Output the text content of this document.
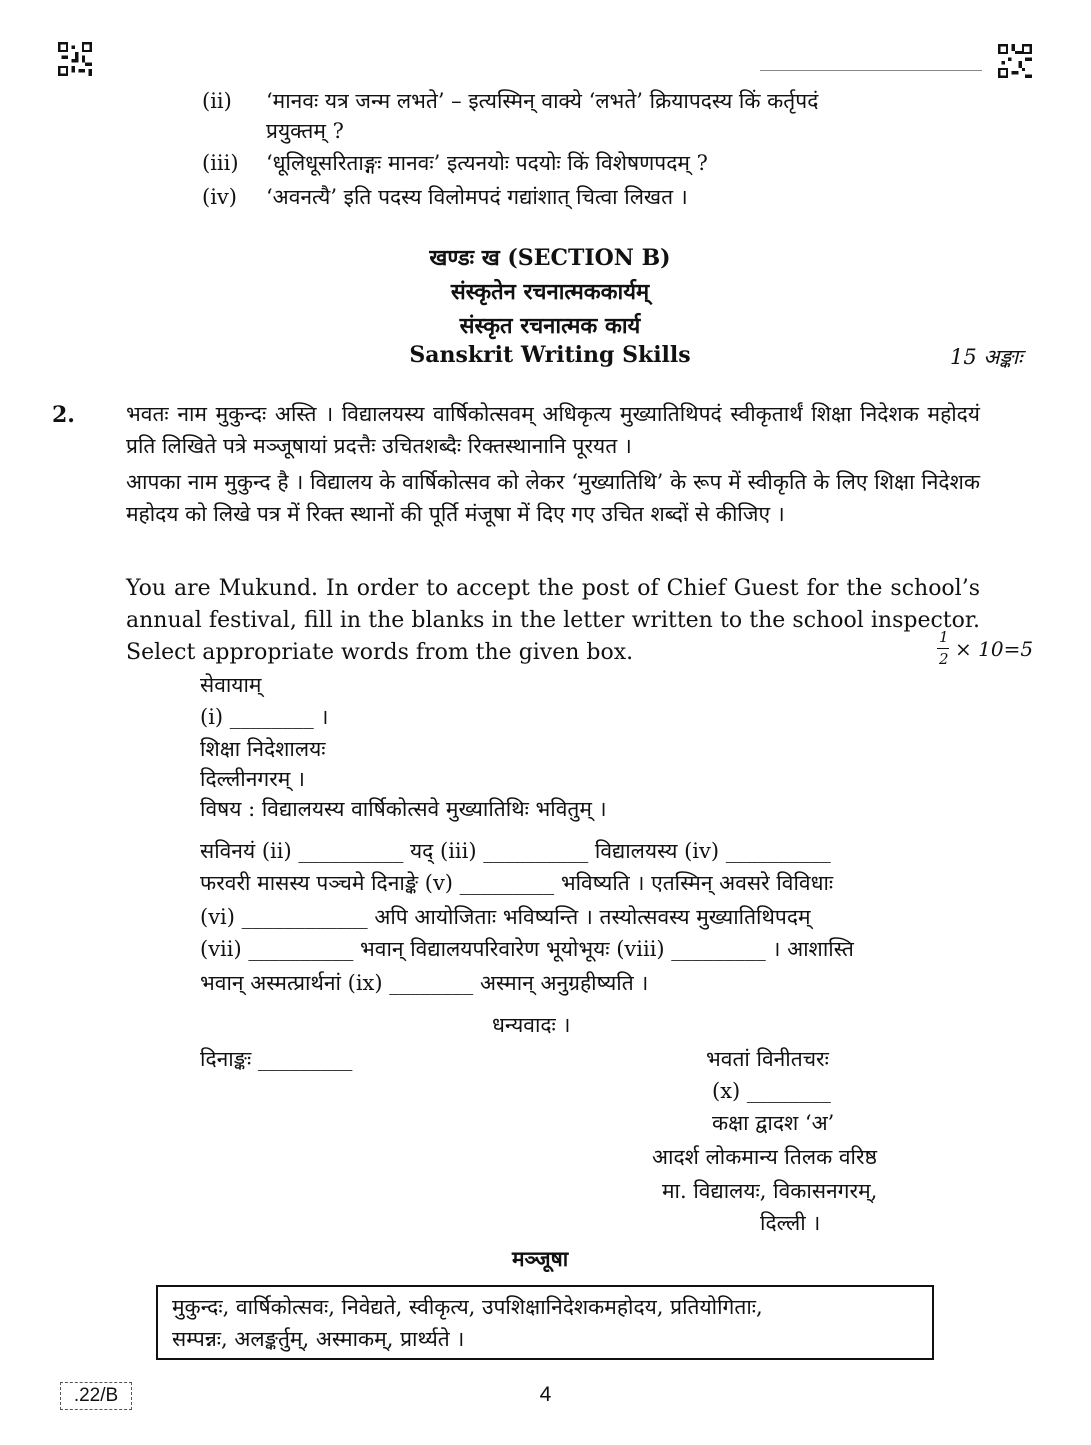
(ii) ‘मानवः यत्र जन्म लभते’ – इत्यस्मिन् वाक्ये ‘लभते’ क्रियापदस्य किं कर्तृपदं
प्रयुक्तम् ?
(iii) ‘धूलिधूसरिताङ्गः मानवः’ इत्यनयोः पदयोः किं विशेषणपदम् ?
(iv) ‘अवनत्यै’ इति पदस्य विलोमपदं गद्यांशात् चित्वा लिखत ।
खण्डः ख (SECTION B)
संस्कृतेन रचनात्मककार्यम्
संस्कृत रचनात्मक कार्य
Sanskrit Writing Skills	15 अङ्काः
2. भवतः नाम मुकुन्दः अस्ति । विद्यालयस्य वार्षिकोत्सवम् अधिकृत्य मुख्यातिथिपदं स्वीकृतार्थं शिक्षा निदेशक महोदयं प्रति लिखिते पत्रे मञ्जूषायां प्रदत्तैः उचितशब्दैः रिक्तस्थानानि पूरयत ।
आपका नाम मुकुन्द है । विद्यालय के वार्षिकोत्सव को लेकर ‘मुख्यातिथि’ के रूप में स्वीकृति के लिए शिक्षा निदेशक महोदय को लिखे पत्र में रिक्त स्थानों की पूर्ति मंजूषा में दिए गए उचित शब्दों से कीजिए ।
You are Mukund. In order to accept the post of Chief Guest for the school’s annual festival, fill in the blanks in the letter written to the school inspector. Select appropriate words from the given box.
1
2 × 10=5
सेवायाम्
(i) ________ ।
शिक्षा निदेशालयः
दिल्लीनगरम् ।
विषय : विद्यालयस्य वार्षिकोत्सवे मुख्यातिथिः भवितुम् ।
सविनयं (ii) __________ यद् (iii) __________ विद्यालयस्य (iv) __________
फरवरी मासस्य पञ्चमे दिनाङ्के (v) _________ भविष्यति । एतस्मिन् अवसरे विविधाः
(vi) ____________ अपि आयोजिताः भविष्यन्ति । तस्योत्सवस्य मुख्यातिथिपदम्
(vii) __________ भवान् विद्यालयपरिवारेण भूयोभूयः (viii) _________ । आशास्ति
भवान् अस्मत्प्रार्थनां (ix) ________ अस्मान् अनुग्रहीष्यति ।
धन्यवादः ।
दिनाङ्कः _________	भवतां विनीतचरः
(x) ________
कक्षा द्वादश ‘अ’
आदर्श लोकमान्य तिलक वरिष्ठ
मा. विद्यालयः, विकासनगरम्,
दिल्ली ।
मञ्जूषा
मुकुन्दः, वार्षिकोत्सवः, निवेद्यते, स्वीकृत्य, उपशिक्षानिदेशकमहोदय, प्रतियोगिताः,
सम्पन्नः, अलङ्कर्तुम्, अस्माकम्, प्रार्थ्यते ।
.22/B	4
